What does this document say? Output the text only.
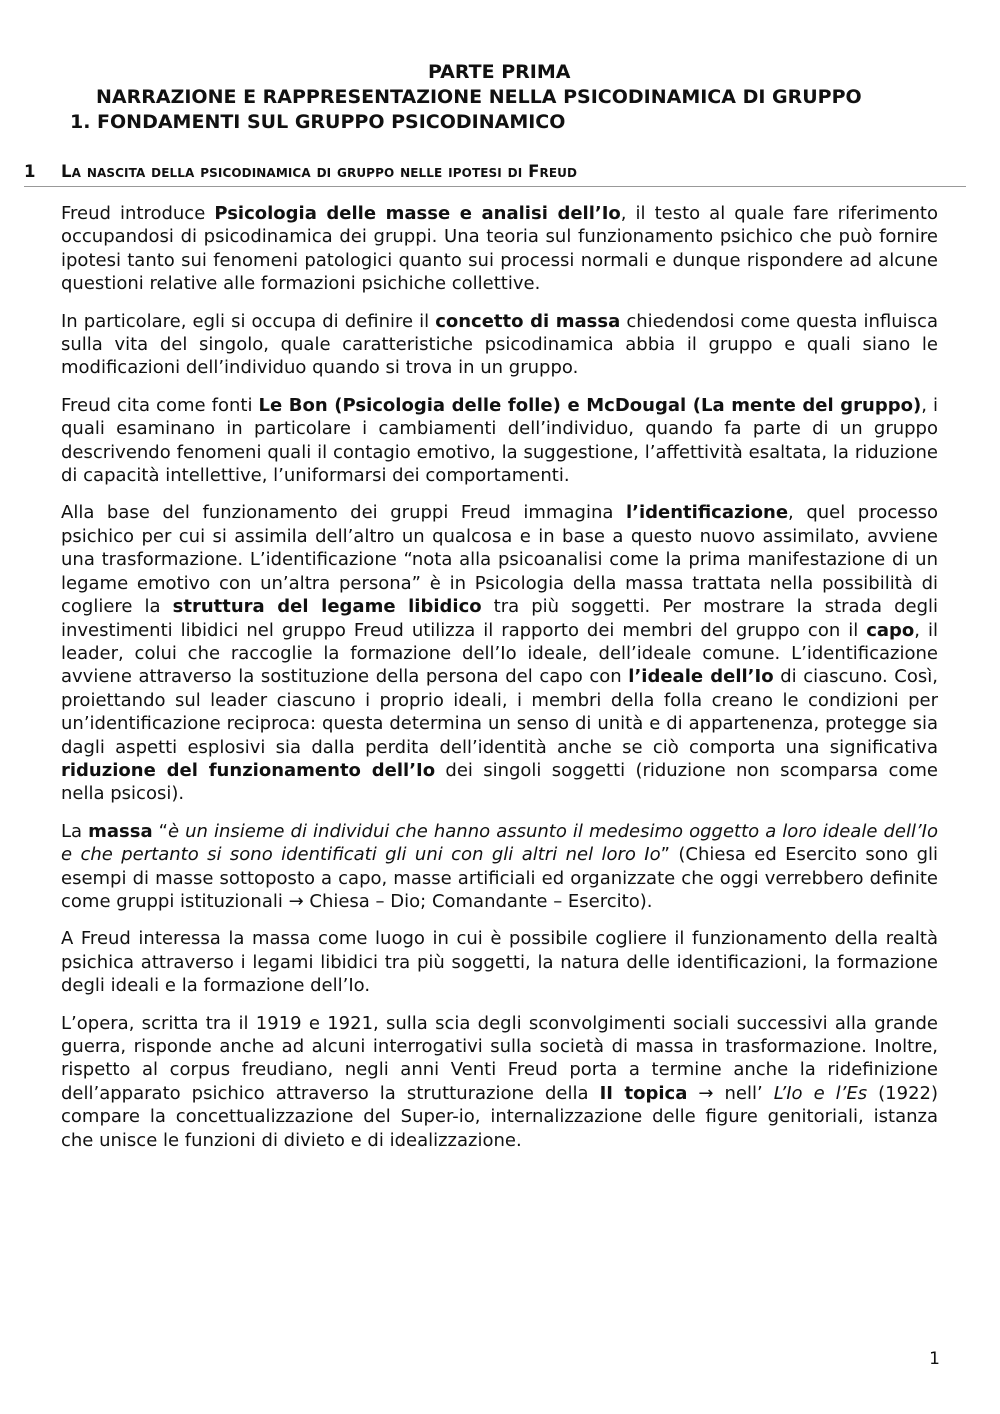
PARTE PRIMA

NARRAZIONE E RAPPRESENTAZIONE NELLA PSICODINAMICA DI GRUPPO

1. FONDAMENTI SUL GRUPPO PSICODINAMICO

1 La nascita della psicodinamica di gruppo nelle ipotesi di Freud

Freud introduce Psicologia delle masse e analisi dell’Io, il testo al quale fare riferimento occupandosi di psicodinamica dei gruppi. Una teoria sul funzionamento psichico che può fornire ipotesi tanto sui fenomeni patologici quanto sui processi normali e dunque rispondere ad alcune questioni relative alle formazioni psichiche collettive.

In particolare, egli si occupa di definire il concetto di massa chiedendosi come questa influisca sulla vita del singolo, quale caratteristiche psicodinamica abbia il gruppo e quali siano le modificazioni dell’individuo quando si trova in un gruppo.

Freud cita come fonti Le Bon (Psicologia delle folle) e McDougal (La mente del gruppo), i quali esaminano in particolare i cambiamenti dell’individuo, quando fa parte di un gruppo descrivendo fenomeni quali il contagio emotivo, la suggestione, l’affettività esaltata, la riduzione di capacità intellettive, l’uniformarsi dei comportamenti.

Alla base del funzionamento dei gruppi Freud immagina l’identificazione, quel processo psichico per cui si assimila dell’altro un qualcosa e in base a questo nuovo assimilato, avviene una trasformazione. L’identificazione “nota alla psicoanalisi come la prima manifestazione di un legame emotivo con un’altra persona” è in Psicologia della massa trattata nella possibilità di cogliere la struttura del legame libidico tra più soggetti. Per mostrare la strada degli investimenti libidici nel gruppo Freud utilizza il rapporto dei membri del gruppo con il capo, il leader, colui che raccoglie la formazione dell’Io ideale, dell’ideale comune. L’identificazione avviene attraverso la sostituzione della persona del capo con l’ideale dell’Io di ciascuno. Così, proiettando sul leader ciascuno i proprio ideali, i membri della folla creano le condizioni per un’identificazione reciproca: questa determina un senso di unità e di appartenenza, protegge sia dagli aspetti esplosivi sia dalla perdita dell’identità anche se ciò comporta una significativa riduzione del funzionamento dell’Io dei singoli soggetti (riduzione non scomparsa come nella psicosi).

La massa “è un insieme di individui che hanno assunto il medesimo oggetto a loro ideale dell’Io e che pertanto si sono identificati gli uni con gli altri nel loro Io” (Chiesa ed Esercito sono gli esempi di masse sottoposto a capo, masse artificiali ed organizzate che oggi verrebbero definite come gruppi istituzionali → Chiesa – Dio; Comandante – Esercito).

A Freud interessa la massa come luogo in cui è possibile cogliere il funzionamento della realtà psichica attraverso i legami libidici tra più soggetti, la natura delle identificazioni, la formazione degli ideali e la formazione dell’Io.

L’opera, scritta tra il 1919 e 1921, sulla scia degli sconvolgimenti sociali successivi alla grande guerra, risponde anche ad alcuni interrogativi sulla società di massa in trasformazione. Inoltre, rispetto al corpus freudiano, negli anni Venti Freud porta a termine anche la ridefinizione dell’apparato psichico attraverso la strutturazione della II topica → nell’ L’Io e l’Es (1922) compare la concettualizzazione del Super-io, internalizzazione delle figure genitoriali, istanza che unisce le funzioni di divieto e di idealizzazione.

1
